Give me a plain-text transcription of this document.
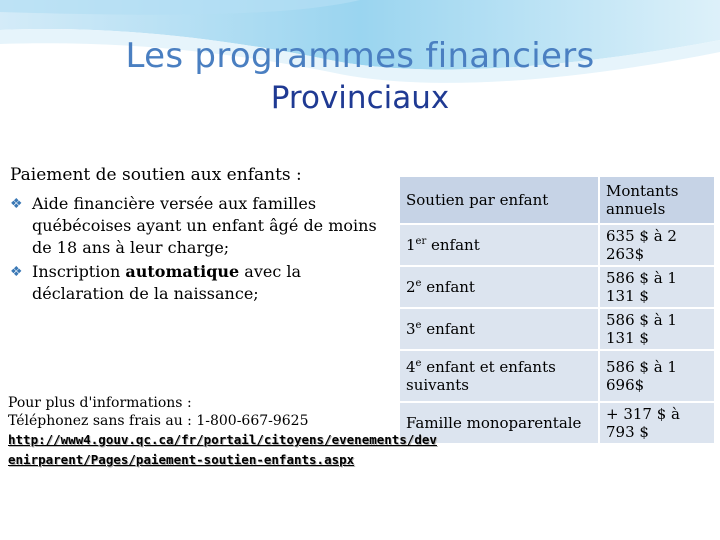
Les programmes financiers
Provinciaux
Paiement de soutien aux enfants :
❖ Aide financière versée aux familles québécoises ayant un enfant âgé de moins de 18 ans à leur charge;
❖ Inscription automatique avec la déclaration de la naissance;
Soutien par enfant	Montants annuels
1er enfant	635 $ à 2 263$
2e enfant	586 $ à 1 131 $
3e enfant	586 $ à 1 131 $
4e enfant et enfants suivants	586 $ à 1 696$
Famille monoparentale	+ 317 $ à 793 $
Pour plus d'informations :
Téléphonez sans frais au : 1-800-667-9625
http://www4.gouv.qc.ca/fr/portail/citoyens/evenements/devenirparent/Pages/paiement-soutien-enfants.aspx
